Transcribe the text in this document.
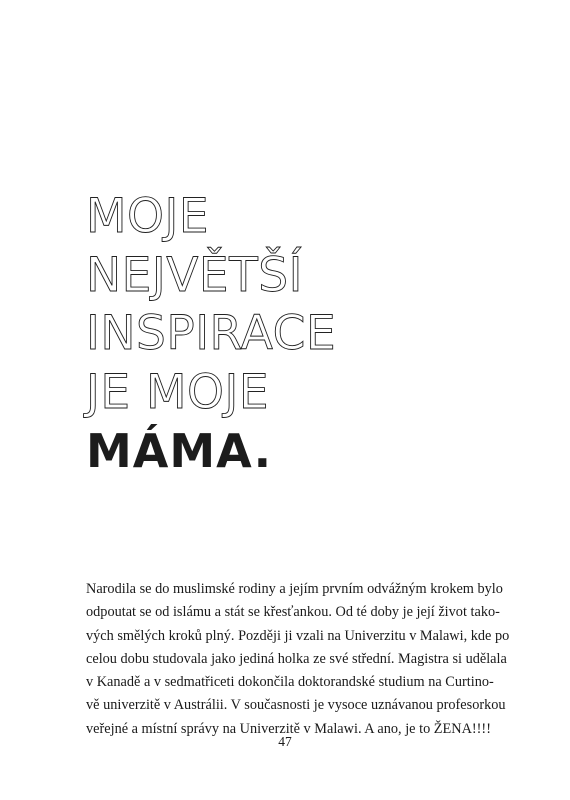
MOJE
NEJVĚTŠÍ
INSPIRACE
JE MOJE
MÁMA.

Narodila se do muslimské rodiny a jejím prvním odvážným krokem bylo
odpoutat se od islámu a stát se křesťankou. Od té doby je její život tako-
vých smělých kroků plný. Později ji vzali na Univerzitu v Malawi, kde po
celou dobu studovala jako jediná holka ze své střední. Magistra si udělala
v Kanadě a v sedmatřiceti dokončila doktorandské studium na Curtino-
vě univerzitě v Austrálii. V současnosti je vysoce uznávanou profesorkou
veřejné a místní správy na Univerzitě v Malawi. A ano, je to ŽENA!!!!

47
